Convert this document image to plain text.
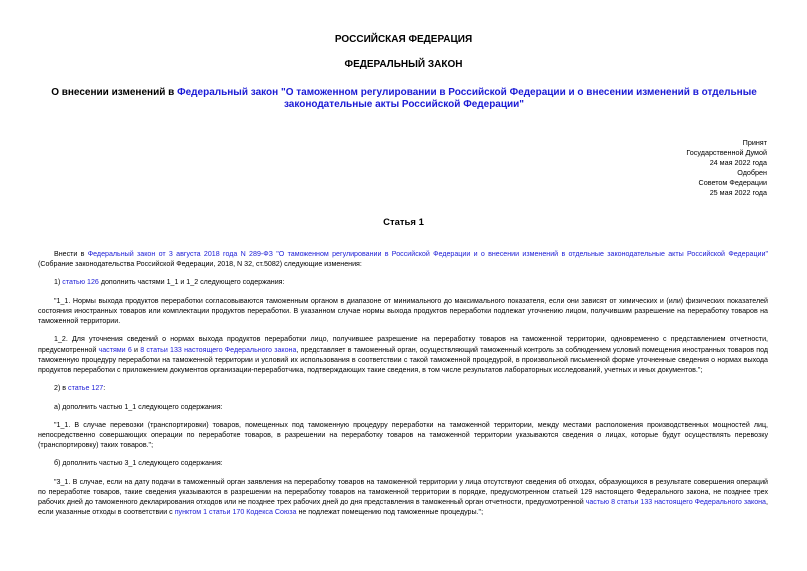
РОССИЙСКАЯ ФЕДЕРАЦИЯ
ФЕДЕРАЛЬНЫЙ ЗАКОН
О внесении изменений в Федеральный закон "О таможенном регулировании в Российской Федерации и о внесении изменений в отдельные законодательные акты Российской Федерации"
Принят
Государственной Думой
24 мая 2022 года
Одобрен
Советом Федерации
25 мая 2022 года
Статья 1

Внести в Федеральный закон от 3 августа 2018 года N 289-ФЗ "О таможенном регулировании в Российской Федерации и о внесении изменений в отдельные законодательные акты Российской Федерации" (Собрание законодательства Российской Федерации, 2018, N 32, ст.5082) следующие изменения:

1) статью 126 дополнить частями 1_1 и 1_2 следующего содержания:

"1_1. Нормы выхода продуктов переработки согласовываются таможенным органом в диапазоне от минимального до максимального показателя, если они зависят от химических и (или) физических показателей состояния иностранных товаров или комплектации продуктов переработки. В указанном случае нормы выхода продуктов переработки подлежат уточнению лицом, получившим разрешение на переработку товаров на таможенной территории.

1_2. Для уточнения сведений о нормах выхода продуктов переработки лицо, получившее разрешение на переработку товаров на таможенной территории, одновременно с представлением отчетности, предусмотренной частями 6 и 8 статьи 133 настоящего Федерального закона, представляет в таможенный орган, осуществляющий таможенный контроль за соблюдением условий помещения иностранных товаров под таможенную процедуру переработки на таможенной территории и условий их использования в соответствии с такой таможенной процедурой, в произвольной письменной форме уточненные сведения о нормах выхода продуктов переработки с приложением документов организации-переработчика, подтверждающих такие сведения, в том числе результатов лабораторных исследований, учетных и иных документов.";

2) в статье 127:

а) дополнить частью 1_1 следующего содержания:

"1_1. В случае перевозки (транспортировки) товаров, помещенных под таможенную процедуру переработки на таможенной территории, между местами расположения производственных мощностей лиц, непосредственно совершающих операции по переработке товаров, в разрешении на переработку товаров на таможенной территории указываются сведения о лицах, которые будут осуществлять перевозку (транспортировку) таких товаров.";

б) дополнить частью 3_1 следующего содержания:

"3_1. В случае, если на дату подачи в таможенный орган заявления на переработку товаров на таможенной территории у лица отсутствуют сведения об отходах, образующихся в результате совершения операций по переработке товаров, такие сведения указываются в разрешении на переработку товаров на таможенной территории в порядке, предусмотренном статьей 129 настоящего Федерального закона, не позднее трех рабочих дней до таможенного декларирования отходов или не позднее трех рабочих дней до дня представления в таможенный орган отчетности, предусмотренной частью 8 статьи 133 настоящего Федерального закона, если указанные отходы в соответствии с пунктом 1 статьи 170 Кодекса Союза не подлежат помещению под таможенные процедуры.";
